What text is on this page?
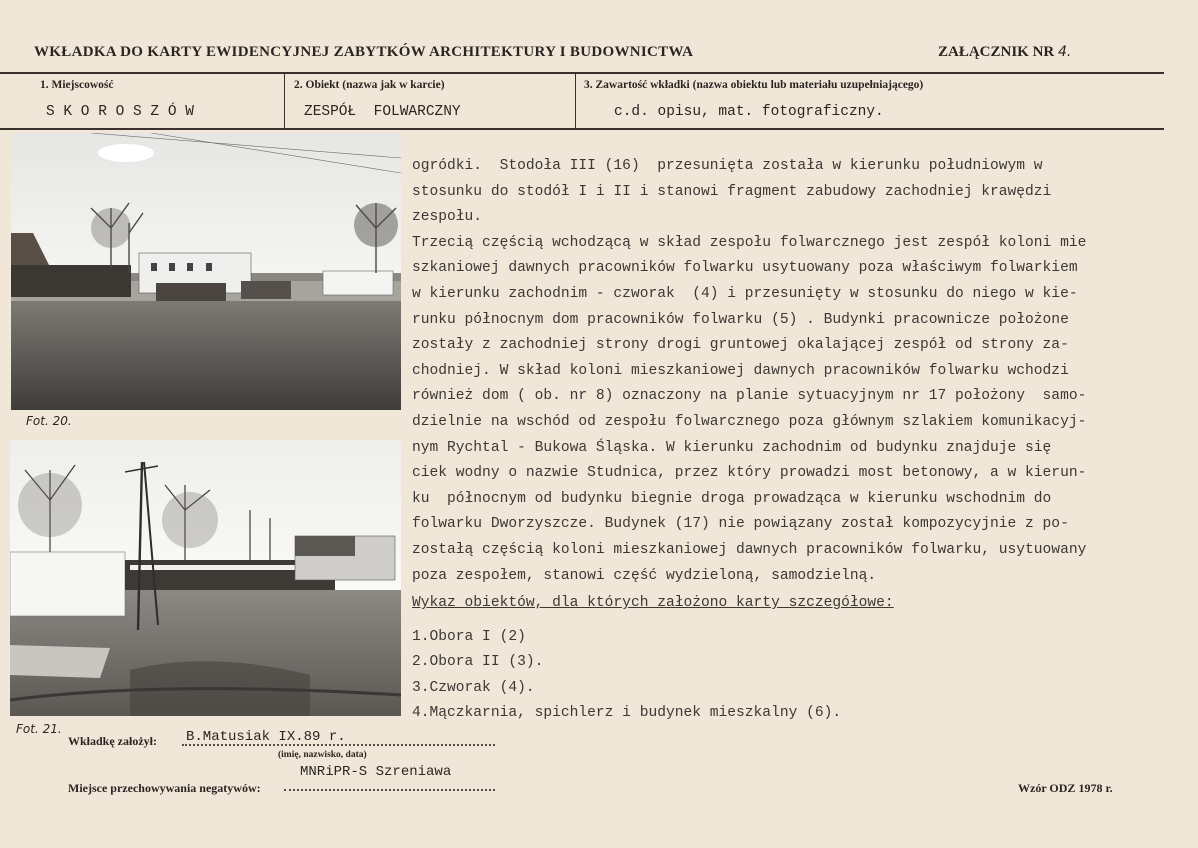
WKŁADKA DO KARTY EWIDENCYJNEJ ZABYTKÓW ARCHITEKTURY I BUDOWNICTWA	ZAŁĄCZNIK NR 4.
1. Miejscowość
S K O R O S Z Ó W
2. Obiekt (nazwa jak w karcie)
ZESPÓŁ  FOLWARCZNY
3. Zawartość wkładki (nazwa obiektu lub materiału uzupełniającego)
c.d. opisu, mat. fotograficzny.
Fot. 20.
Fot. 21.
ogródki.  Stodoła III (16)  przesunięta została w kierunku południowym w
stosunku do stodół I i II i stanowi fragment zabudowy zachodniej krawędzi
zespołu.
Trzecią częścią wchodzącą w skład zespołu folwarcznego jest zespół koloni mie
szkaniowej dawnych pracowników folwarku usytuowany poza właściwym folwarkiem
w kierunku zachodnim - czworak  (4) i przesunięty w stosunku do niego w kie-
runku północnym dom pracowników folwarku (5) . Budynki pracownicze położone
zostały z zachodniej strony drogi gruntowej okalającej zespół od strony za-
chodniej. W skład koloni mieszkaniowej dawnych pracowników folwarku wchodzi
również dom ( ob. nr 8) oznaczony na planie sytuacyjnym nr 17 położony  samo-
dzielnie na wschód od zespołu folwarcznego poza głównym szlakiem komunikacyj-
nym Rychtal - Bukowa Śląska. W kierunku zachodnim od budynku znajduje się
ciek wodny o nazwie Studnica, przez który prowadzi most betonowy, a w kierun-
ku  północnym od budynku biegnie droga prowadząca w kierunku wschodnim do
folwarku Dworzyszcze. Budynek (17) nie powiązany został kompozycyjnie z po-
zostałą częścią koloni mieszkaniowej dawnych pracowników folwarku, usytuowany
poza zespołem, stanowi część wydzieloną, samodzielną.
Wykaz obiektów, dla których założono karty szczegółowe:
1.Obora I (2)
2.Obora II (3).
3.Czworak (4).
4.Mączkarnia, spichlerz i budynek mieszkalny (6).
Wkładkę założył: B.Matusiak IX.89 r.
(imię, nazwisko, data)
MNRiPR-S Szreniawa
Miejsce przechowywania negatywów:	Wzór ODZ 1978 r.
